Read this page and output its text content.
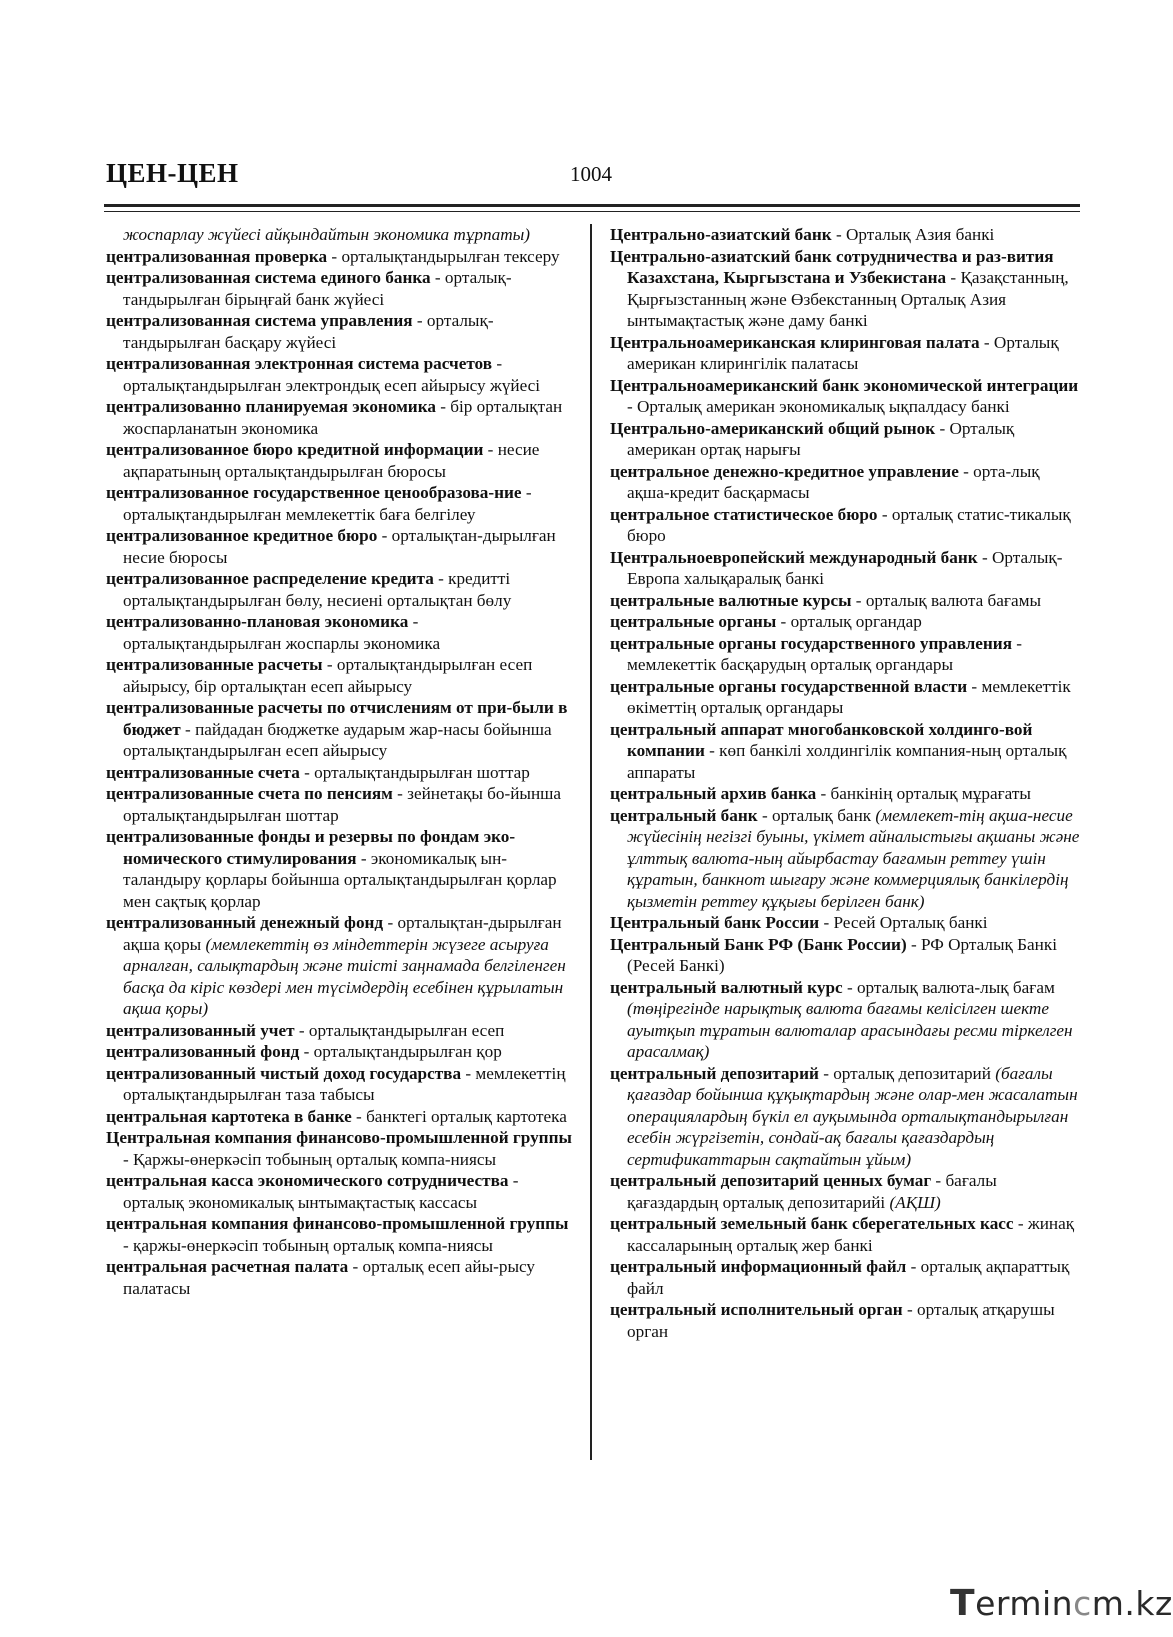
ЦЕН-ЦЕН	1004

жоспарлау жүйесі айқындайтын экономика тұрпаты)

централизованная проверка - орталықтандырылған тексеру

централизованная система единого банка - орталық-тандырылған бірыңғай банк жүйесі

централизованная система управления - орталық-тандырылған басқару жүйесі

централизованная электронная система расчетов - орталықтандырылған электрондық есеп айырысу жүйесі

централизованно планируемая экономика - бір орталықтан жоспарланатын экономика

централизованное бюро кредитной информации - несие ақпаратының орталықтандырылған бюросы

централизованное государственное ценообразова-ние - орталықтандырылған мемлекеттік баға белгілеу

централизованное кредитное бюро - орталықтан-дырылған несие бюросы

централизованное распределение кредита - кредитті орталықтандырылған бөлу, несиені орталықтан бөлу

централизованно-плановая экономика - орталықтандырылған жоспарлы экономика

централизованные расчеты - орталықтандырылған есеп айырысу, бір орталықтан есеп айырысу

централизованные расчеты по отчислениям от при-были в бюджет - пайдадан бюджетке аударым жар-насы бойынша орталықтандырылған есеп айырысу

централизованные счета - орталықтандырылған шоттар

централизованные счета по пенсиям - зейнетақы бо-йынша орталықтандырылған шоттар

централизованные фонды и резервы по фондам эко-номического стимулирования - экономикалық ын-таландыру қорлары бойынша орталықтандырылған қорлар мен сақтық қорлар

централизованный денежный фонд - орталықтан-дырылған ақша қоры (мемлекеттің өз міндеттерін жүзеге асыруға арналған, салықтардың және тиісті заңнамада белгіленген басқа да кіріс көздері мен түсімдердің есебінен құрылатын ақша қоры)

централизованный учет - орталықтандырылған есеп

централизованный фонд - орталықтандырылған қор

централизованный чистый доход государства - мемлекеттің орталықтандырылған таза табысы

центральная картотека в банке - банктегі орталық картотека

Центральная компания финансово-промышленной группы - Қаржы-өнеркәсіп тобының орталық компа-ниясы

центральная касса экономического сотрудничества - орталық экономикалық ынтымақтастық кассасы

центральная компания финансово-промышленной группы - қаржы-өнеркәсіп тобының орталық компа-ниясы

центральная расчетная палата - орталық есеп айы-рысу палатасы

Центрально-азиатский банк - Орталық Азия банкі

Центрально-азиатский банк сотрудничества и раз-вития Казахстана, Кыргызстана и Узбекистана - Қазақстанның, Қырғызстанның және Өзбекстанның Орталық Азия ынтымақтастық және даму банкі

Центральноамериканская клиринговая палата - Орталық американ клирингілік палатасы

Центральноамериканский банк экономической интеграции - Орталық американ экономикалық ықпалдасу банкі

Центрально-американский общий рынок - Орталық американ ортақ нарығы

центральное денежно-кредитное управление - орта-лық ақша-кредит басқармасы

центральное статистическое бюро - орталық статис-тикалық бюро

Центральноевропейский международный банк - Орталық-Европа халықаралық банкі

центральные валютные курсы - орталық валюта бағамы

центральные органы - орталық органдар

центральные органы государственного управления - мемлекеттік басқарудың орталық органдары

центральные органы государственной власти - мемлекеттік өкіметтің орталық органдары

центральный аппарат многобанковской холдинго-вой компании - көп банкілі холдингілік компания-ның орталық аппараты

центральный архив банка - банкінің орталық мұрағаты

центральный банк - орталық банк (мемлекет-тің ақша-несие жүйесінің негізгі буыны, үкімет айналыстығы ақшаны және ұлттық валюта-ның айырбастау бағамын реттеу үшін құратын, банкнот шығару және коммерциялық банкілердің қызметін реттеу құқығы берілген банк)

Центральный банк России - Ресей Орталық банкі

Центральный Банк РФ (Банк России) - РФ Орталық Банкі (Ресей Банкі)

центральный валютный курс - орталық валюта-лық бағам (төңірегінде нарықтық валюта бағамы келісілген шекте ауытқып тұратын валюталар арасындағы ресми тіркелген арасалмақ)

центральный депозитарий - орталық депозитарий (бағалы қағаздар бойынша құқықтардың және олар-мен жасалатын операциялардың бүкіл ел ауқымында орталықтандырылған есебін жүргізетін, сондай-ақ бағалы қағаздардың сертификаттарын сақтайтын ұйым)

центральный депозитарий ценных бумаг - бағалы қағаздардың орталық депозитарийі (АҚШ)

центральный земельный банк сберегательных касс - жинақ кассаларының орталық жер банкі

центральный информационный файл - орталық ақпараттық файл

центральный исполнительный орган - орталық атқарушы орган

Termincm.kz
